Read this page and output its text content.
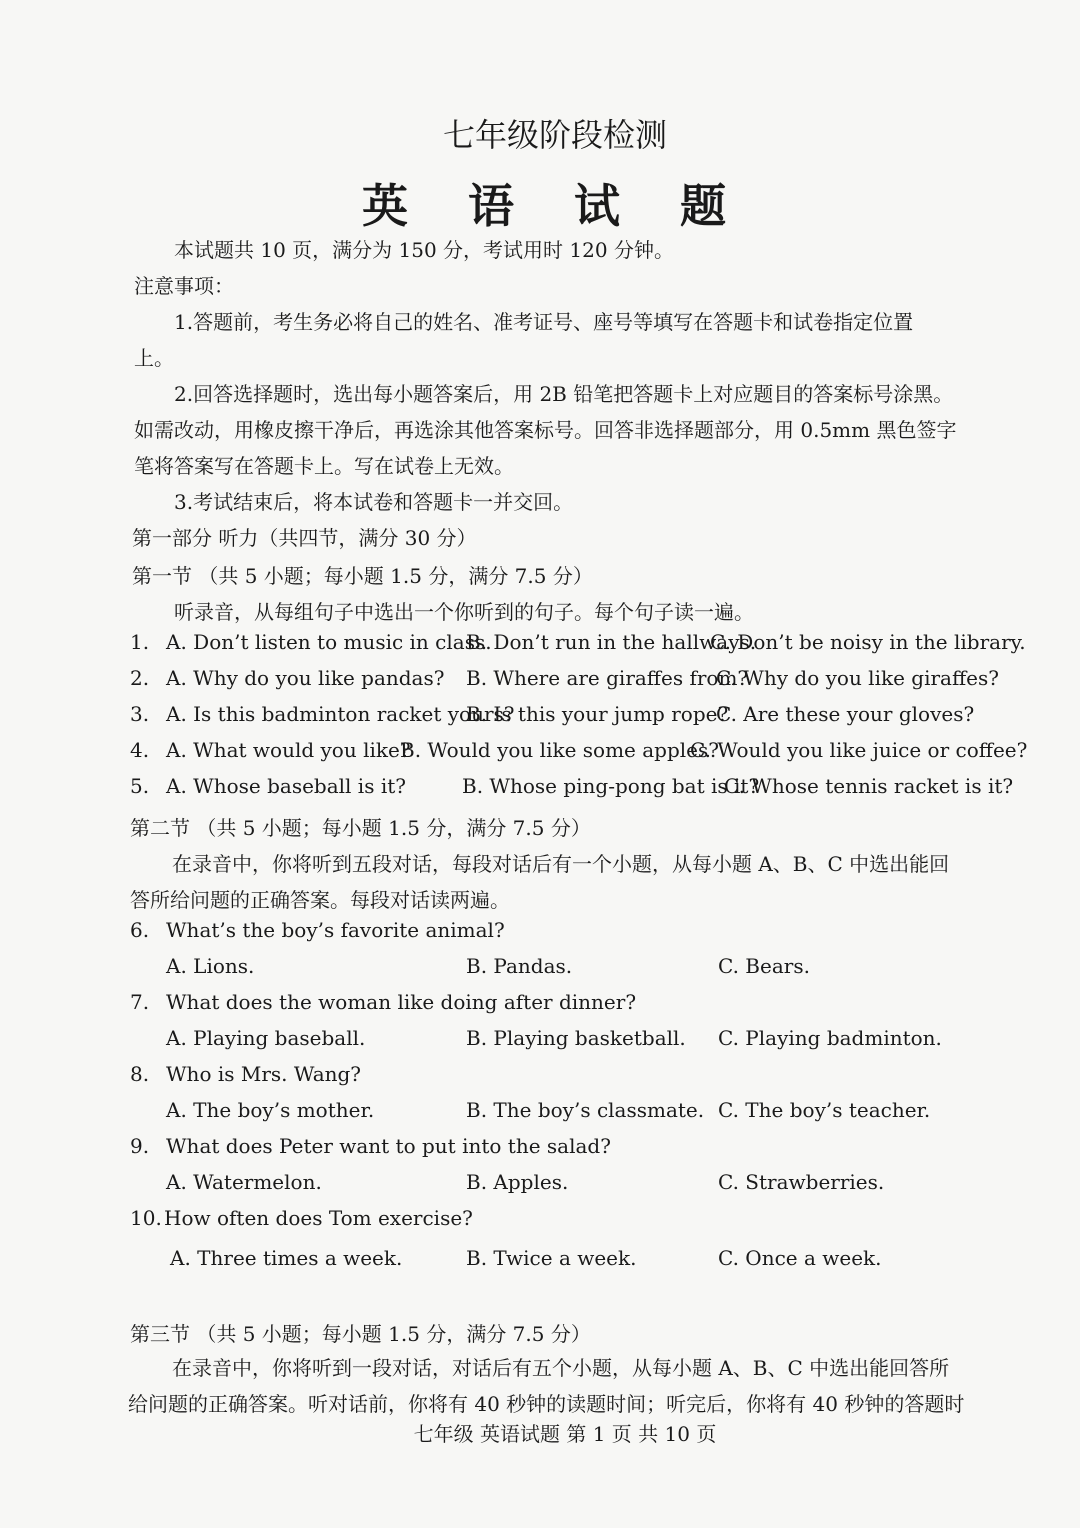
七年级阶段检测
英 语 试 题
本试题共 10 页，满分为 150 分，考试用时 120 分钟。
注意事项：
1.答题前，考生务必将自己的姓名、准考证号、座号等填写在答题卡和试卷指定位置
上。
2.回答选择题时，选出每小题答案后，用 2B 铅笔把答题卡上对应题目的答案标号涂黑。
如需改动，用橡皮擦干净后，再选涂其他答案标号。回答非选择题部分，用 0.5mm 黑色签字
笔将答案写在答题卡上。写在试卷上无效。
3.考试结束后，将本试卷和答题卡一并交回。
第一部分 听力（共四节，满分 30 分）
第一节 （共 5 小题；每小题 1.5 分，满分 7.5 分）
听录音，从每组句子中选出一个你听到的句子。每个句子读一遍。
1. A. Don’t listen to music in class.
B. Don’t run in the hallways.
C. Don’t be noisy in the library.
2. A. Why do you like pandas? B. Where are giraffes from?
C. Why do you like giraffes?
3. A. Is this badminton racket yours?
B. Is this your jump rope?
C. Are these your gloves?
4. A. What would you like?
B. Would you like some apples?
C. Would you like juice or coffee?
5. A. Whose baseball is it?	B. Whose ping-pong bat is it?
C. Whose tennis racket is it?
第二节 （共 5 小题；每小题 1.5 分，满分 7.5 分）
在录音中，你将听到五段对话，每段对话后有一个小题，从每小题 A、B、C 中选出能回
答所给问题的正确答案。每段对话读两遍。
6. What’s the boy’s favorite animal?
A. Lions.	B. Pandas.	C. Bears.
7. What does the woman like doing after dinner?
A. Playing baseball.	B. Playing basketball. C. Playing badminton.
8. Who is Mrs. Wang?
A. The boy’s mother.	B. The boy’s classmate. C. The boy’s teacher.
9. What does Peter want to put into the salad?
A. Watermelon.	B. Apples.	C. Strawberries.
10. How often does Tom exercise?
A. Three times a week.	B. Twice a week.	C. Once a week.
第三节 （共 5 小题；每小题 1.5 分，满分 7.5 分）
在录音中，你将听到一段对话，对话后有五个小题，从每小题 A、B、C 中选出能回答所
给问题的正确答案。听对话前，你将有 40 秒钟的读题时间；听完后，你将有 40 秒钟的答题时
七年级 英语试题 第 1 页 共 10 页
